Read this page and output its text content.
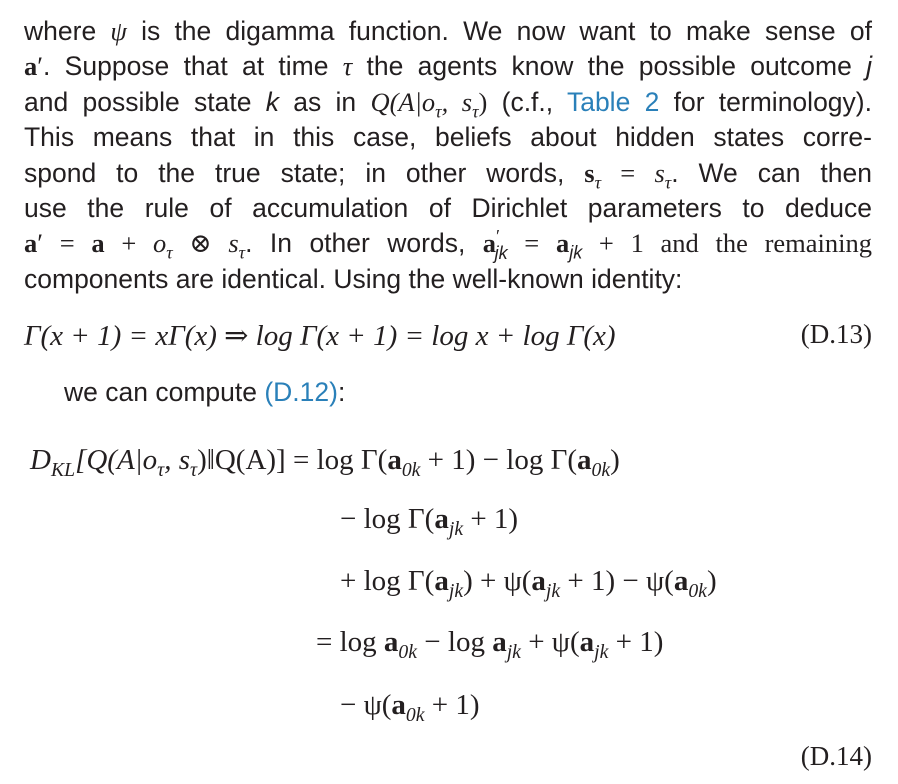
where ψ is the digamma function. We now want to make sense of
a′. Suppose that at time τ the agents know the possible outcome j
and possible state k as in $Q(A|o_\tau$, $s_\tau$) (c.f., Table 2 for terminology).
This means that in this case, beliefs about hidden states corre-
spond to the true state; in other words, $s_\tau = s_\tau$. We can then
use the rule of accumulation of Dirichlet parameters to deduce
$a' = a + o_\tau$ ⊗ $s_\tau$. In other words, $a'_{jk} = a_{jk} + 1$ and the remaining
components are identical. Using the well-known identity:
Γ(x + 1) = xΓ(x) ⇒ log Γ(x + 1) = log x + log Γ(x)	(D.13)
we can compute (D.12):
$D_{KL}[Q(A|o_\tau$, $s_\tau)‖Q(A)] = \log \Gamma(a_{0k} + 1) - \log \Gamma(a_{0k})$
− $\log \Gamma(a_{jk} + 1)$
+ $\log \Gamma(a_{jk}) + \psi(a_{jk} + 1) - \psi(a_{0k})$
= $\log a_{0k} - \log a_{jk} + \psi(a_{jk} + 1)$
− $\psi(a_{0k} + 1)$
(D.14)
